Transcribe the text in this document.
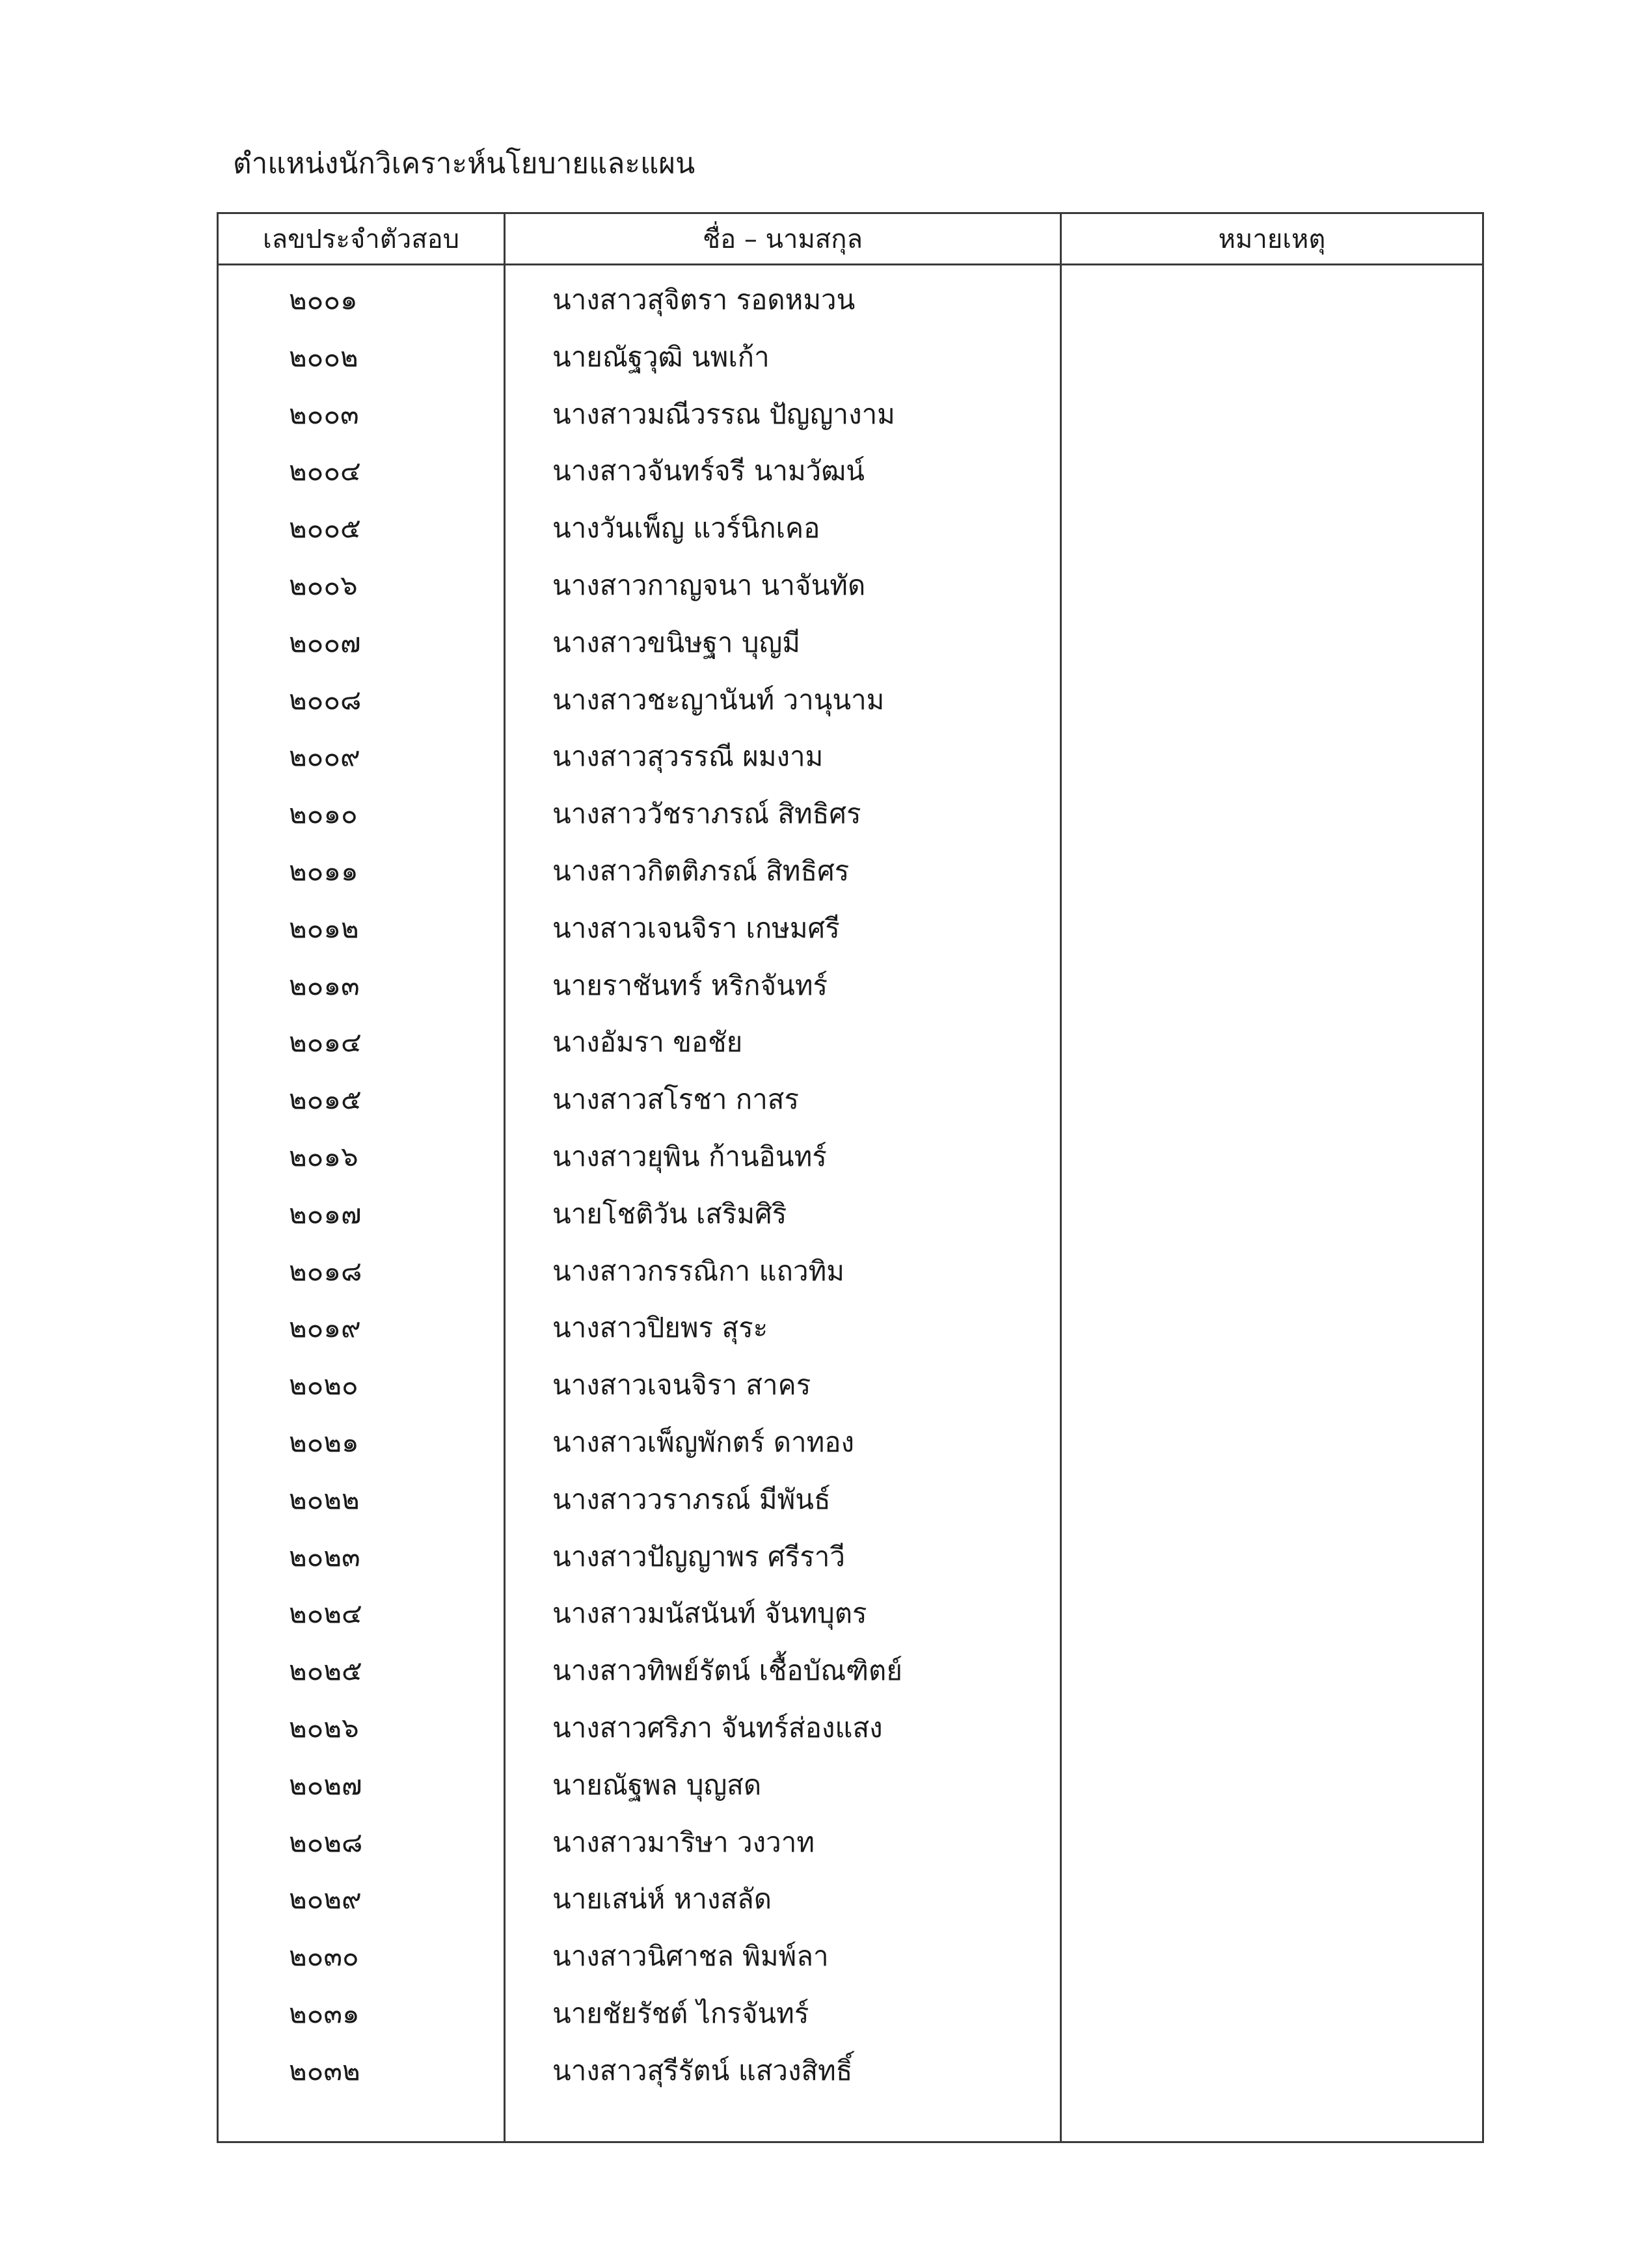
ตำแหน่งนักวิเคราะห์นโยบายและแผน
เลขประจำตัวสอบ	ชื่อ – นามสกุล	หมายเหตุ
๒๐๐๑	นางสาวสุจิตรา รอดหมวน
๒๐๐๒	นายณัฐวุฒิ นพเก้า
๒๐๐๓	นางสาวมณีวรรณ ปัญญางาม
๒๐๐๔	นางสาวจันทร์จรี นามวัฒน์
๒๐๐๕	นางวันเพ็ญ แวร์นิกเคอ
๒๐๐๖	นางสาวกาญจนา นาจันทัด
๒๐๐๗	นางสาวขนิษฐา บุญมี
๒๐๐๘	นางสาวชะญานันท์ วานุนาม
๒๐๐๙	นางสาวสุวรรณี ผมงาม
๒๐๑๐	นางสาววัชราภรณ์ สิทธิศร
๒๐๑๑	นางสาวกิตติภรณ์ สิทธิศร
๒๐๑๒	นางสาวเจนจิรา เกษมศรี
๒๐๑๓	นายราชันทร์ หริกจันทร์
๒๐๑๔	นางอัมรา ขอชัย
๒๐๑๕	นางสาวสโรชา กาสร
๒๐๑๖	นางสาวยุพิน ก้านอินทร์
๒๐๑๗	นายโชติวัน เสริมศิริ
๒๐๑๘	นางสาวกรรณิกา แถวทิม
๒๐๑๙	นางสาวปิยพร สุระ
๒๐๒๐	นางสาวเจนจิรา สาคร
๒๐๒๑	นางสาวเพ็ญพักตร์ ดาทอง
๒๐๒๒	นางสาววราภรณ์ มีพันธ์
๒๐๒๓	นางสาวปัญญาพร ศรีราวี
๒๐๒๔	นางสาวมนัสนันท์ จันทบุตร
๒๐๒๕	นางสาวทิพย์รัตน์ เชื้อบัณฑิตย์
๒๐๒๖	นางสาวศริภา จันทร์ส่องแสง
๒๐๒๗	นายณัฐพล บุญสด
๒๐๒๘	นางสาวมาริษา วงวาท
๒๐๒๙	นายเสน่ห์ หางสลัด
๒๐๓๐	นางสาวนิศาชล พิมพ์ลา
๒๐๓๑	นายชัยรัชต์ ไกรจันทร์
๒๐๓๒	นางสาวสุรีรัตน์ แสวงสิทธิ์
